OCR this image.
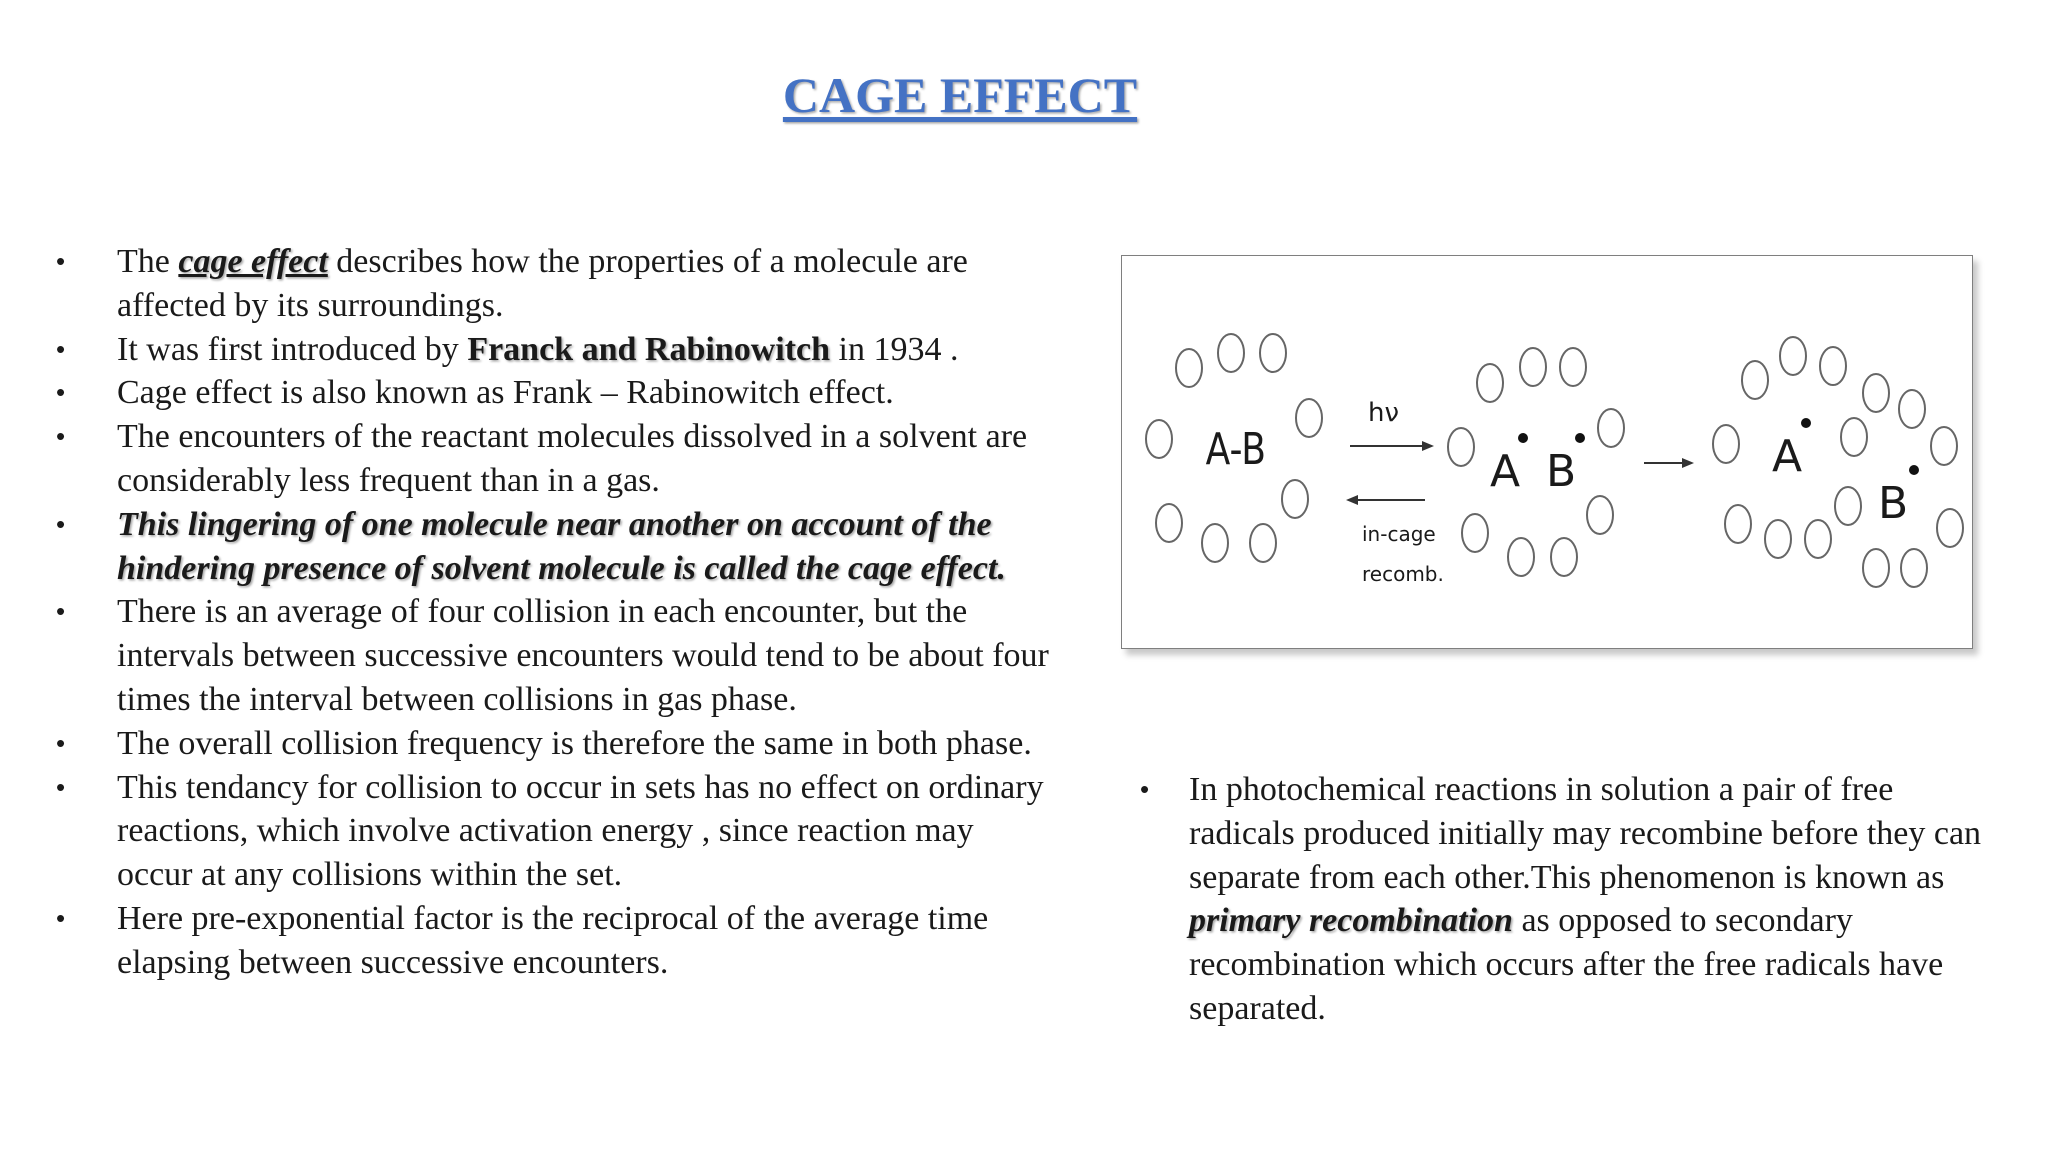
CAGE EFFECT
• The cage effect describes how the properties of a molecule are affected by its surroundings.
• It was first introduced by Franck and Rabinowitch in 1934 .
• Cage effect is also known as Frank – Rabinowitch effect.
• The encounters of the reactant molecules dissolved in a solvent are considerably less frequent than in a gas.
• This lingering of one molecule near another on account of the hindering presence of solvent molecule is called the cage effect.
• There is an average of four collision in each encounter, but the intervals between successive encounters would tend to be about four times the interval between collisions in gas phase.
• The overall collision frequency is therefore the same in both phase.
• This tendancy for collision to occur in sets has no effect on ordinary reactions, which involve activation energy , since reaction may occur at any collisions within the set.
• Here pre-exponential factor is the reciprocal of the average time elapsing between successive encounters.
A-B
hν
in-cage
recomb.
A B	A
B
• In photochemical reactions in solution a pair of free radicals produced initially may recombine before they can separate from each other.This phenomenon is known as primary recombination as opposed to secondary recombination which occurs after the free radicals have separated.
